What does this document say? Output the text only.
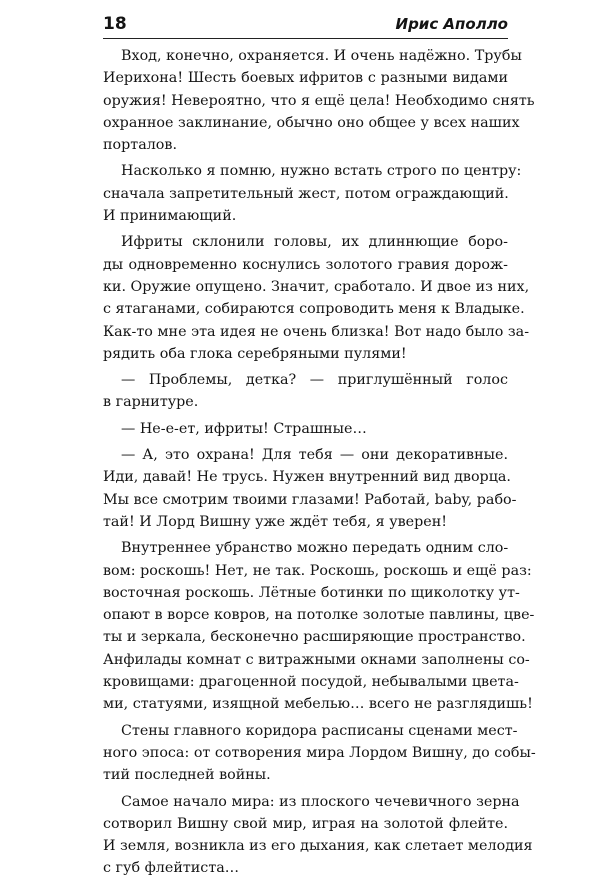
18	Ирис Аполло
Вход, конечно, охраняется. И очень надёжно. Трубы
Иерихона! Шесть боевых ифритов с разными видами
оружия! Невероятно, что я ещё цела! Необходимо снять
охранное заклинание, обычно оно общее у всех наших
порталов.
Насколько я помню, нужно встать строго по центру:
сначала запретительный жест, потом ограждающий.
И принимающий.
Ифриты склонили головы, их длиннющие боро-
ды одновременно коснулись золотого гравия дорож-
ки. Оружие опущено. Значит, сработало. И двое из них,
с ятаганами, собираются сопроводить меня к Владыке.
Как-то мне эта идея не очень близка! Вот надо было за-
рядить оба глока серебряными пулями!
— Проблемы, детка? — приглушённый голос
в гарнитуре.
— Не-е-ет, ифриты! Страшные…
— А, это охрана! Для тебя — они декоративные.
Иди, давай! Не трусь. Нужен внутренний вид дворца.
Мы все смотрим твоими глазами! Работай, baby, рабо-
тай! И Лорд Вишну уже ждёт тебя, я уверен!
Внутреннее убранство можно передать одним сло-
вом: роскошь! Нет, не так. Роскошь, роскошь и ещё раз:
восточная роскошь. Лётные ботинки по щиколотку ут-
опают в ворсе ковров, на потолке золотые павлины, цве-
ты и зеркала, бесконечно расширяющие пространство.
Анфилады комнат с витражными окнами заполнены со-
кровищами: драгоценной посудой, небывалыми цвета-
ми, статуями, изящной мебелью… всего не разглядишь!
Стены главного коридора расписаны сценами мест-
ного эпоса: от сотворения мира Лордом Вишну, до собы-
тий последней войны.
Самое начало мира: из плоского чечевичного зерна
сотворил Вишну свой мир, играя на золотой флейте.
И земля, возникла из его дыхания, как слетает мелодия
с губ флейтиста…
